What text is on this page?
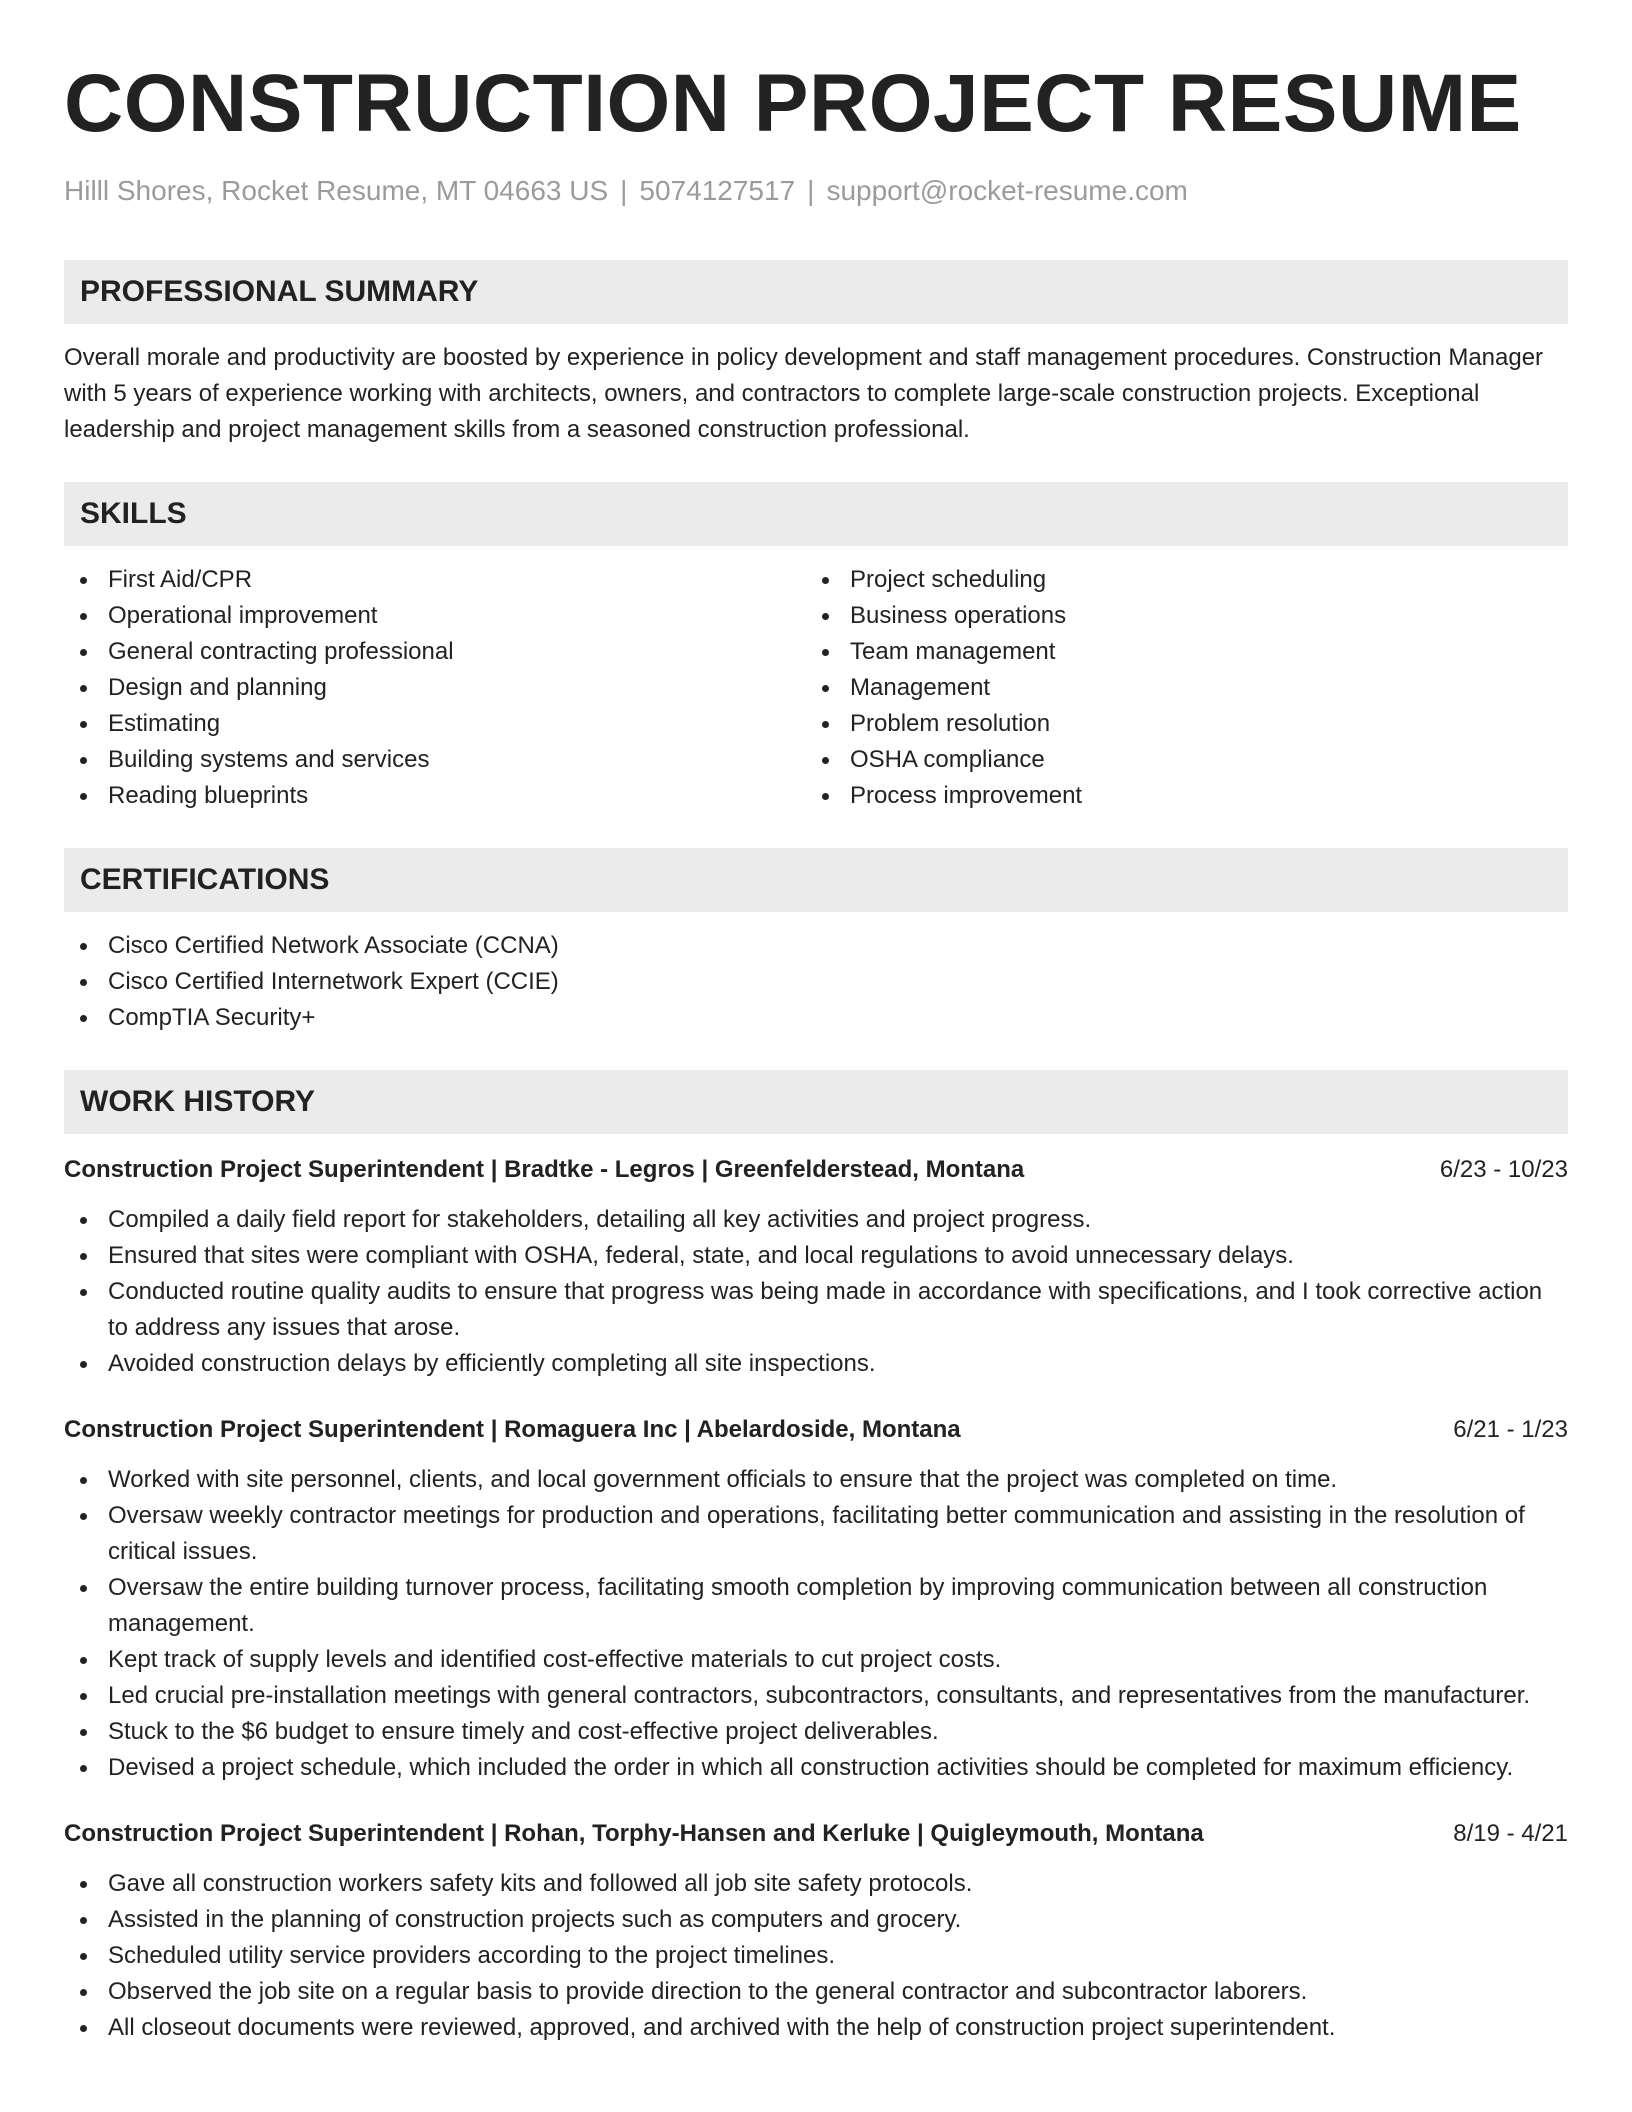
CONSTRUCTION PROJECT RESUME
Hilll Shores, Rocket Resume, MT 04663 US | 5074127517 | support@rocket-resume.com
PROFESSIONAL SUMMARY

Overall morale and productivity are boosted by experience in policy development and staff management procedures. Construction Manager with 5 years of experience working with architects, owners, and contractors to complete large-scale construction projects. Exceptional leadership and project management skills from a seasoned construction professional.

SKILLS
First Aid/CPR
Operational improvement
General contracting professional
Design and planning
Estimating
Building systems and services
Reading blueprints
Project scheduling
Business operations
Team management
Management
Problem resolution
OSHA compliance
Process improvement
CERTIFICATIONS
Cisco Certified Network Associate (CCNA)
Cisco Certified Internetwork Expert (CCIE)
CompTIA Security+
WORK HISTORY
Construction Project Superintendent | Bradtke - Legros | Greenfelderstead, Montana	6/23 - 10/23
Compiled a daily field report for stakeholders, detailing all key activities and project progress.
Ensured that sites were compliant with OSHA, federal, state, and local regulations to avoid unnecessary delays.
Conducted routine quality audits to ensure that progress was being made in accordance with specifications, and I took corrective action to address any issues that arose.
Avoided construction delays by efficiently completing all site inspections.
Construction Project Superintendent | Romaguera Inc | Abelardoside, Montana	6/21 - 1/23
Worked with site personnel, clients, and local government officials to ensure that the project was completed on time.
Oversaw weekly contractor meetings for production and operations, facilitating better communication and assisting in the resolution of critical issues.
Oversaw the entire building turnover process, facilitating smooth completion by improving communication between all construction management.
Kept track of supply levels and identified cost-effective materials to cut project costs.
Led crucial pre-installation meetings with general contractors, subcontractors, consultants, and representatives from the manufacturer.
Stuck to the $6 budget to ensure timely and cost-effective project deliverables.
Devised a project schedule, which included the order in which all construction activities should be completed for maximum efficiency.
Construction Project Superintendent | Rohan, Torphy-Hansen and Kerluke | Quigleymouth, Montana	8/19 - 4/21
Gave all construction workers safety kits and followed all job site safety protocols.
Assisted in the planning of construction projects such as computers and grocery.
Scheduled utility service providers according to the project timelines.
Observed the job site on a regular basis to provide direction to the general contractor and subcontractor laborers.
All closeout documents were reviewed, approved, and archived with the help of construction project superintendent.
